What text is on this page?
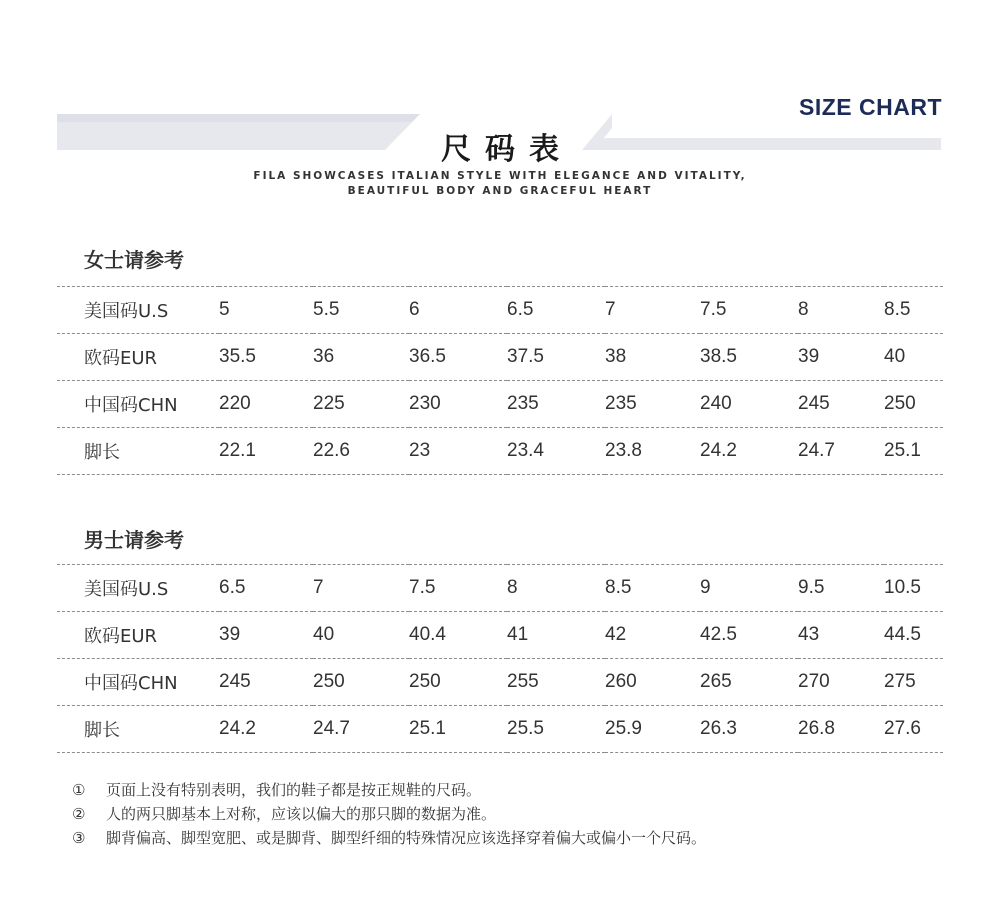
SIZE CHART
尺码表
FILA SHOWCASES ITALIAN STYLE WITH ELEGANCE AND VITALITY,
BEAUTIFUL BODY AND GRACEFUL HEART
女士请参考
美国码U.S	5	5.5	6	6.5	7	7.5	8	8.5
欧码EUR	35.5	36	36.5	37.5	38	38.5	39	40
中国码CHN	220	225	230	235	235	240	245	250
脚长	22.1	22.6	23	23.4	23.8	24.2	24.7	25.1
男士请参考
美国码U.S	6.5	7	7.5	8	8.5	9	9.5	10.5
欧码EUR	39	40	40.4	41	42	42.5	43	44.5
中国码CHN	245	250	250	255	260	265	270	275
脚长	24.2	24.7	25.1	25.5	25.9	26.3	26.8	27.6
① 页面上没有特别表明，我们的鞋子都是按正规鞋的尺码。
② 人的两只脚基本上对称，应该以偏大的那只脚的数据为准。
③ 脚背偏高、脚型宽肥、或是脚背、脚型纤细的特殊情况应该选择穿着偏大或偏小一个尺码。
